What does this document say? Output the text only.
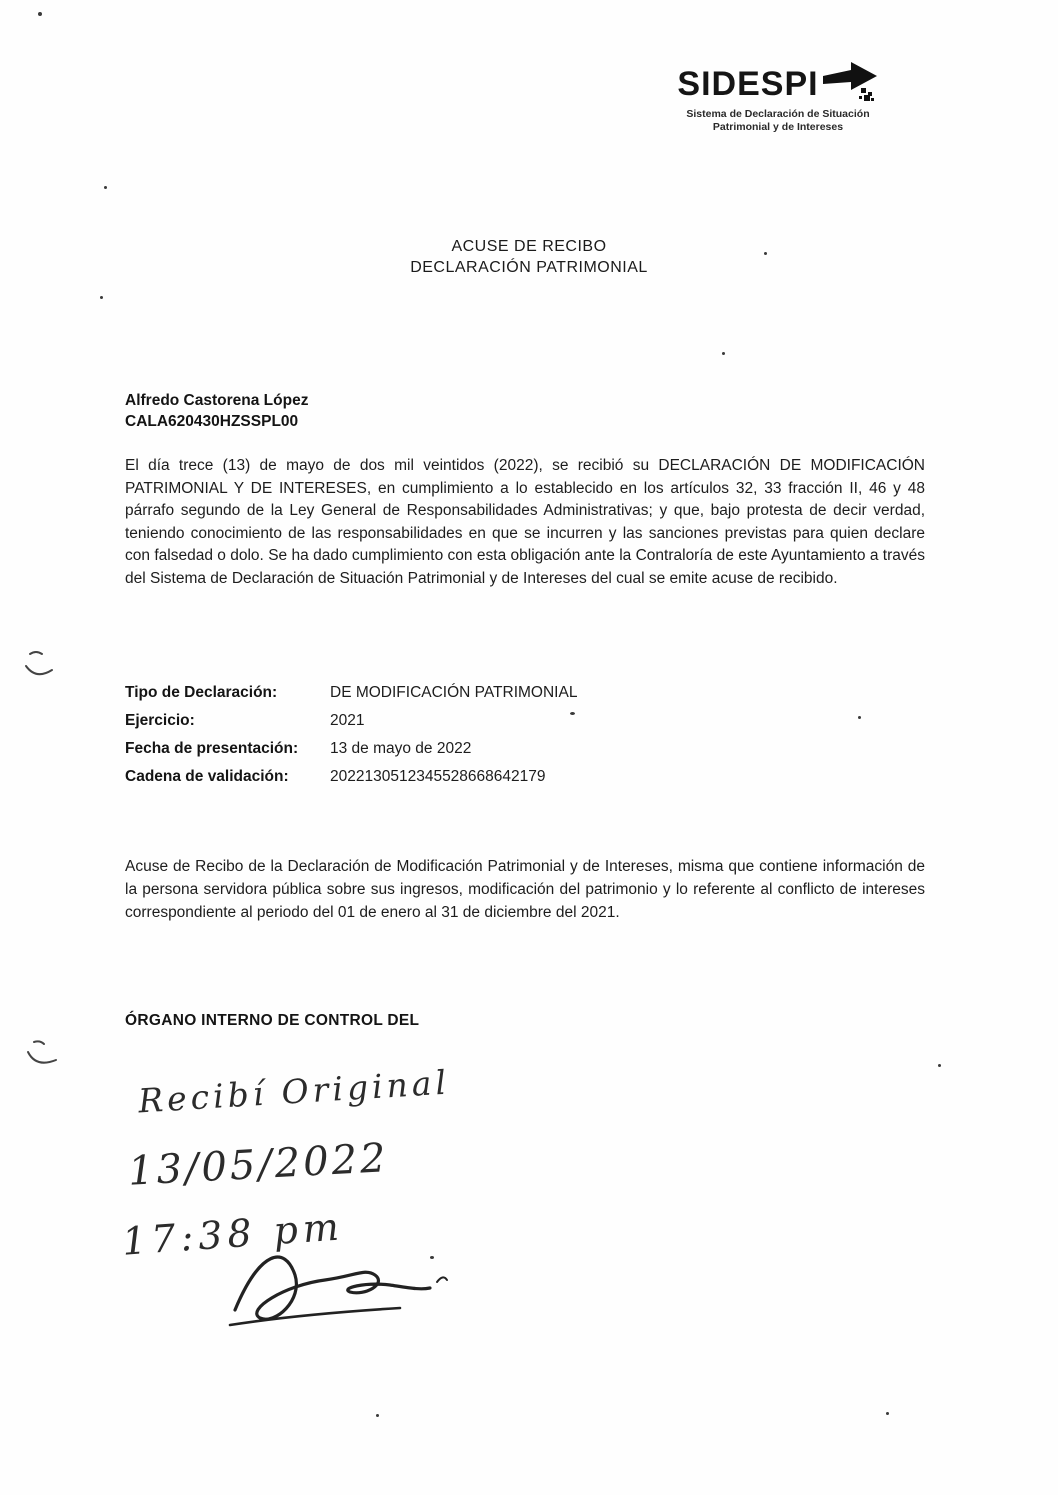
SIDESPI
Sistema de Declaración de Situación
Patrimonial y de Intereses
ACUSE DE RECIBO
DECLARACIÓN PATRIMONIAL
Alfredo Castorena López
CALA620430HZSSPL00
El día trece (13) de mayo de dos mil veintidos (2022), se recibió su DECLARACIÓN DE MODIFICACIÓN PATRIMONIAL Y DE INTERESES, en cumplimiento a lo establecido en los artículos 32, 33 fracción II, 46 y 48 párrafo segundo de la Ley General de Responsabilidades Administrativas; y que, bajo protesta de decir verdad, teniendo conocimiento de las responsabilidades en que se incurren y las sanciones previstas para quien declare con falsedad o dolo. Se ha dado cumplimiento con esta obligación ante la Contraloría de este Ayuntamiento a través del Sistema de Declaración de Situación Patrimonial y de Intereses del cual se emite acuse de recibido.
Tipo de Declaración:	DE MODIFICACIÓN PATRIMONIAL
Ejercicio:	2021
Fecha de presentación:	13 de mayo de 2022
Cadena de validación:	2022130512345528668642179
Acuse de Recibo de la Declaración de Modificación Patrimonial y de Intereses, misma que contiene información de la persona servidora pública sobre sus ingresos, modificación del patrimonio y lo referente al conflicto de intereses correspondiente al periodo del 01 de enero al 31 de diciembre del 2021.
ÓRGANO INTERNO DE CONTROL DEL
Recibí Original
13/05/2022
17:38 pm
